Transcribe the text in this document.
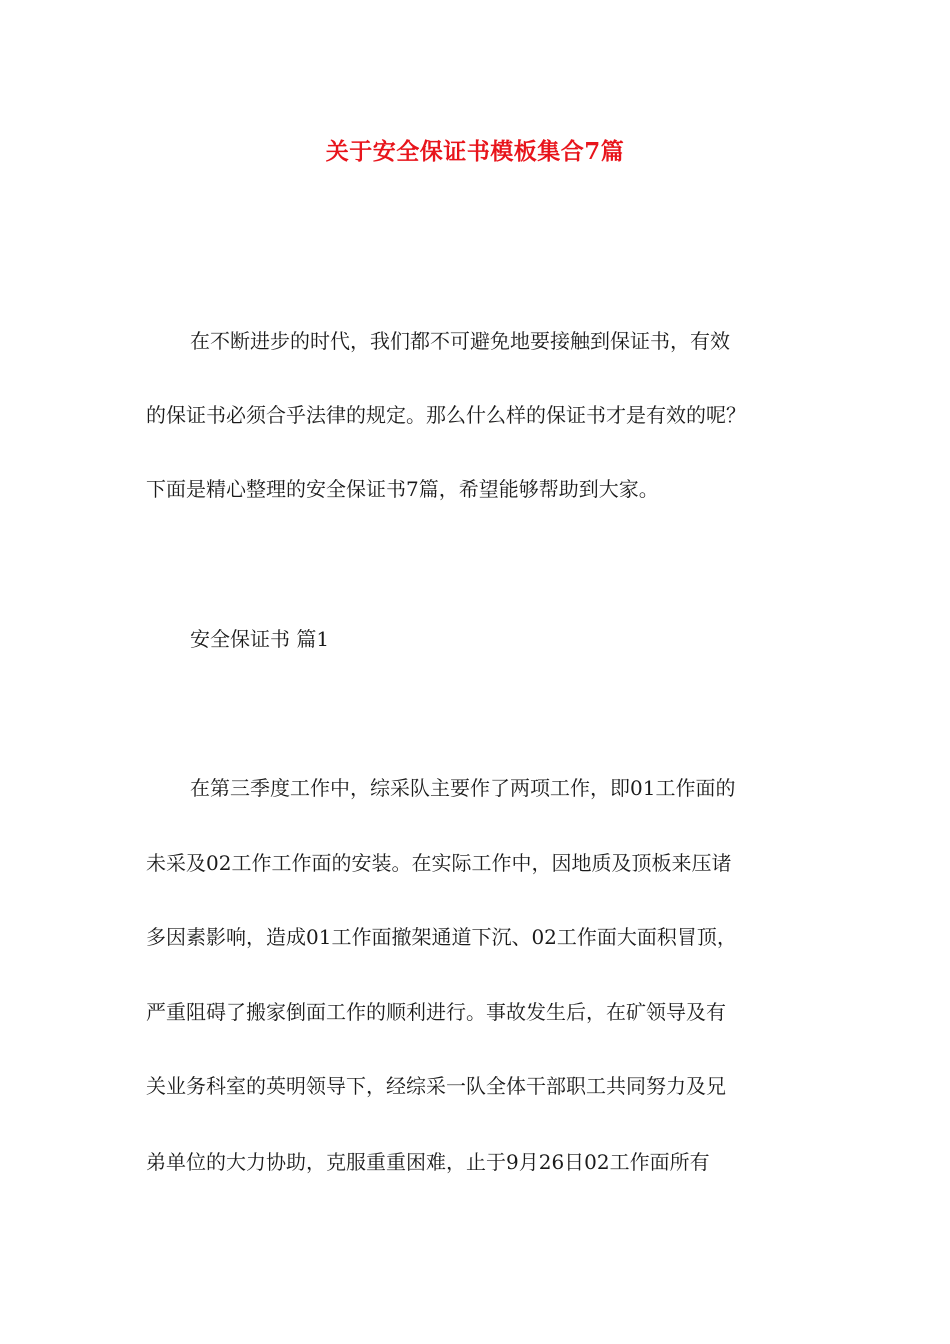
关于安全保证书模板集合7篇

在不断进步的时代，我们都不可避免地要接触到保证书，有效

的保证书必须合乎法律的规定。那么什么样的保证书才是有效的呢？

下面是精心整理的安全保证书7篇，希望能够帮助到大家。

安全保证书 篇1

在第三季度工作中，综采队主要作了两项工作，即01工作面的

未采及02工作工作面的安装。在实际工作中，因地质及顶板来压诸

多因素影响，造成01工作面撤架通道下沉、02工作面大面积冒顶，

严重阻碍了搬家倒面工作的顺利进行。事故发生后，在矿领导及有

关业务科室的英明领导下，经综采一队全体干部职工共同努力及兄

弟单位的大力协助，克服重重困难，止于9月26日02工作面所有
